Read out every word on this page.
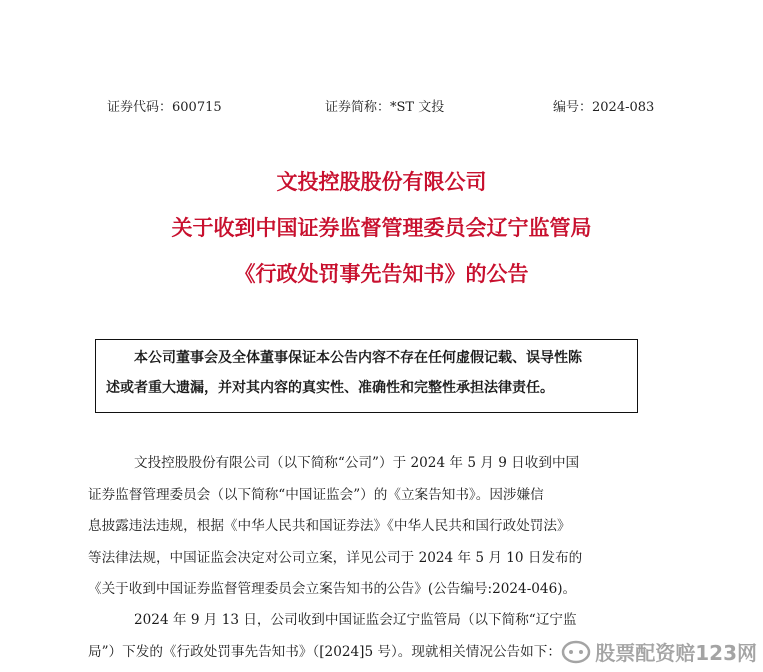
证券代码：600715	证券简称：*ST 文投	编号：2024-083
文投控股股份有限公司
关于收到中国证券监督管理委员会辽宁监管局
《行政处罚事先告知书》的公告
本公司董事会及全体董事保证本公告内容不存在任何虚假记载、误导性陈
述或者重大遗漏，并对其内容的真实性、准确性和完整性承担法律责任。
文投控股股份有限公司（以下简称“公司”）于 2024 年 5 月 9 日收到中国
证券监督管理委员会（以下简称“中国证监会”）的《立案告知书》。因涉嫌信
息披露违法违规，根据《中华人民共和国证券法》《中华人民共和国行政处罚法》
等法律法规，中国证监会决定对公司立案，详见公司于 2024 年 5 月 10 日发布的
《关于收到中国证券监督管理委员会立案告知书的公告》(公告编号:2024-046)。
2024 年 9 月 13 日，公司收到中国证监会辽宁监管局（以下简称“辽宁监
局”）下发的《行政处罚事先告知书》（[2024]5 号）。现就相关情况公告如下：	股票配资赔123网
